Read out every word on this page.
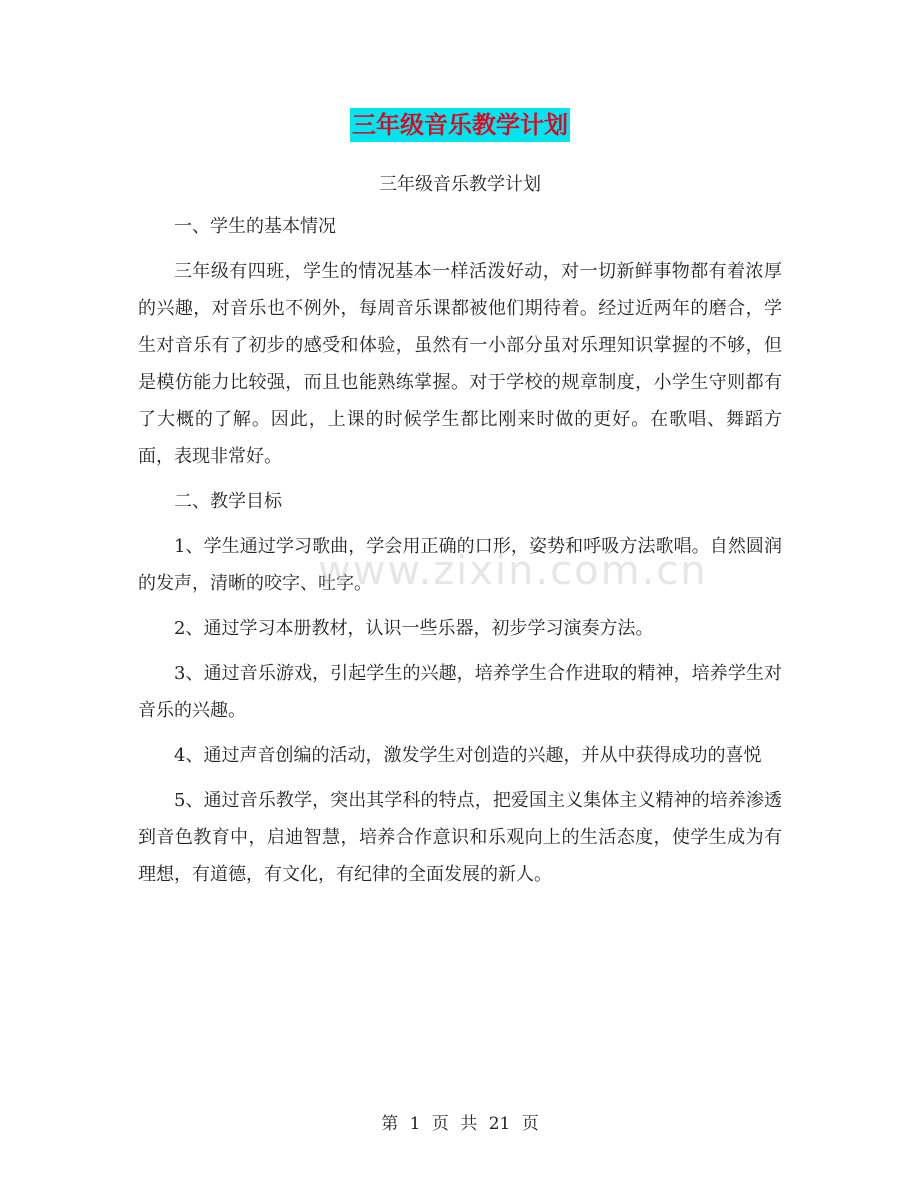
三年级音乐教学计划
三年级音乐教学计划

一、学生的基本情况

三年级有四班，学生的情况基本一样活泼好动，对一切新鲜事物都有着浓厚的兴趣，对音乐也不例外，每周音乐课都被他们期待着。经过近两年的磨合，学生对音乐有了初步的感受和体验，虽然有一小部分虽对乐理知识掌握的不够，但是模仿能力比较强，而且也能熟练掌握。对于学校的规章制度，小学生守则都有了大概的了解。因此，上课的时候学生都比刚来时做的更好。在歌唱、舞蹈方面，表现非常好。

二、教学目标

1、学生通过学习歌曲，学会用正确的口形，姿势和呼吸方法歌唱。自然圆润的发声，清晰的咬字、吐字。

2、通过学习本册教材，认识一些乐器，初步学习演奏方法。

3、通过音乐游戏，引起学生的兴趣，培养学生合作进取的精神，培养学生对音乐的兴趣。

4、通过声音创编的活动，激发学生对创造的兴趣，并从中获得成功的喜悦

5、通过音乐教学，突出其学科的特点，把爱国主义集体主义精神的培养渗透到音色教育中，启迪智慧，培养合作意识和乐观向上的生活态度，使学生成为有理想，有道德，有文化，有纪律的全面发展的新人。

www.zixin.com.cn
第 1 页 共 21 页
